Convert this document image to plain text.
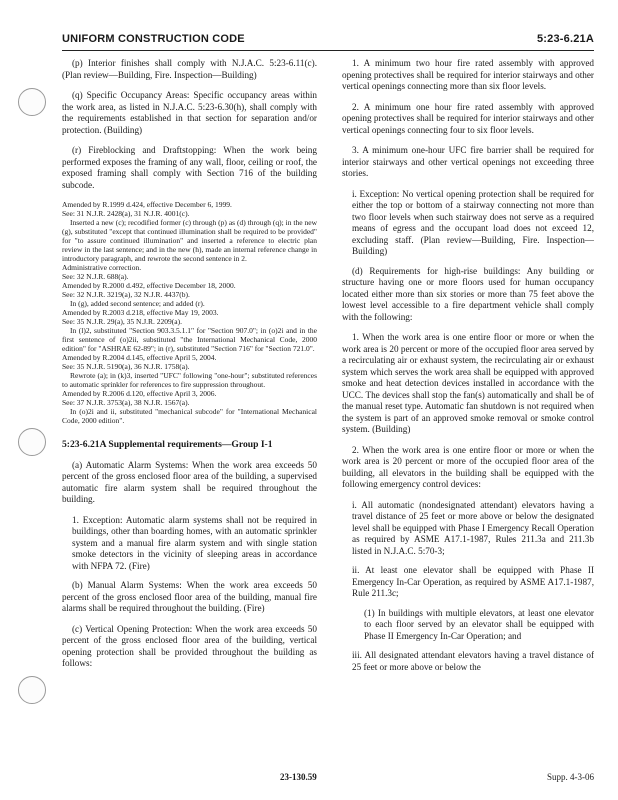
UNIFORM CONSTRUCTION CODE	5:23-6.21A

(p) Interior finishes shall comply with N.J.A.C. 5:23-6.11(c). (Plan review—Building, Fire. Inspection—Building)

(q) Specific Occupancy Areas: Specific occupancy areas within the work area, as listed in N.J.A.C. 5:23-6.30(h), shall comply with the requirements established in that section for separation and/or protection. (Building)

(r) Fireblocking and Draftstopping: When the work being performed exposes the framing of any wall, floor, ceiling or roof, the exposed framing shall comply with Section 716 of the building subcode.

Amended by R.1999 d.424, effective December 6, 1999.

See: 31 N.J.R. 2428(a), 31 N.J.R. 4001(c).

Inserted a new (c); recodified former (c) through (p) as (d) through (q); in the new (g), substituted "except that continued illumination shall be required to be provided" for "to assure continued illumination" and inserted a reference to electric plan review in the last sentence; and in the new (h), made an internal reference change in introductory paragraph, and rewrote the second sentence in 2.

Administrative correction.

See: 32 N.J.R. 688(a).

Amended by R.2000 d.492, effective December 18, 2000.

See: 32 N.J.R. 3219(a), 32 N.J.R. 4437(b).

In (g), added second sentence; and added (r).

Amended by R.2003 d.218, effective May 19, 2003.

See: 35 N.J.R. 29(a), 35 N.J.R. 2209(a).

In (l)2, substituted "Section 903.3.5.1.1" for "Section 907.0"; in (o)2i and in the first sentence of (o)2ii, substituted "the International Mechanical Code, 2000 edition" for "ASHRAE 62-89"; in (r), substituted "Section 716" for "Section 721.0".

Amended by R.2004 d.145, effective April 5, 2004.

See: 35 N.J.R. 5190(a), 36 N.J.R. 1758(a).

Rewrote (a); in (k)3, inserted "UFC" following "one-hour"; substituted references to automatic sprinkler for references to fire suppression throughout.

Amended by R.2006 d.120, effective April 3, 2006.

See: 37 N.J.R. 3753(a), 38 N.J.R. 1567(a).

In (o)2i and ii, substituted "mechanical subcode" for "International Mechanical Code, 2000 edition".

5:23-6.21A Supplemental requirements—Group I-1

(a) Automatic Alarm Systems: When the work area exceeds 50 percent of the gross enclosed floor area of the building, a supervised automatic fire alarm system shall be required throughout the building.

1. Exception: Automatic alarm systems shall not be required in buildings, other than boarding homes, with an automatic sprinkler system and a manual fire alarm system and with single station smoke detectors in the vicinity of sleeping areas in accordance with NFPA 72. (Fire)

(b) Manual Alarm Systems: When the work area exceeds 50 percent of the gross enclosed floor area of the building, manual fire alarms shall be required throughout the building. (Fire)

(c) Vertical Opening Protection: When the work area exceeds 50 percent of the gross enclosed floor area of the building, vertical opening protection shall be provided throughout the building as follows:

1. A minimum two hour fire rated assembly with approved opening protectives shall be required for interior stairways and other vertical openings connecting more than six floor levels.

2. A minimum one hour fire rated assembly with approved opening protectives shall be required for interior stairways and other vertical openings connecting four to six floor levels.

3. A minimum one-hour UFC fire barrier shall be required for interior stairways and other vertical openings not exceeding three stories.

i. Exception: No vertical opening protection shall be required for either the top or bottom of a stairway connecting not more than two floor levels when such stairway does not serve as a required means of egress and the occupant load does not exceed 12, excluding staff. (Plan review—Building, Fire. Inspection—Building)

(d) Requirements for high-rise buildings: Any building or structure having one or more floors used for human occupancy located either more than six stories or more than 75 feet above the lowest level accessible to a fire department vehicle shall comply with the following:

1. When the work area is one entire floor or more or when the work area is 20 percent or more of the occupied floor area served by a recirculating air or exhaust system, the recirculating air or exhaust system which serves the work area shall be equipped with approved smoke and heat detection devices installed in accordance with the UCC. The devices shall stop the fan(s) automatically and shall be of the manual reset type. Automatic fan shutdown is not required when the system is part of an approved smoke removal or smoke control system. (Building)

2. When the work area is one entire floor or more or when the work area is 20 percent or more of the occupied floor area of the building, all elevators in the building shall be equipped with the following emergency control devices:

i. All automatic (nondesignated attendant) elevators having a travel distance of 25 feet or more above or below the designated level shall be equipped with Phase I Emergency Recall Operation as required by ASME A17.1-1987, Rules 211.3a and 211.3b listed in N.J.A.C. 5:70-3;

ii. At least one elevator shall be equipped with Phase II Emergency In-Car Operation, as required by ASME A17.1-1987, Rule 211.3c;

(1) In buildings with multiple elevators, at least one elevator to each floor served by an elevator shall be equipped with Phase II Emergency In-Car Operation; and

iii. All designated attendant elevators having a travel distance of 25 feet or more above or below the

23-130.59	Supp. 4-3-06
